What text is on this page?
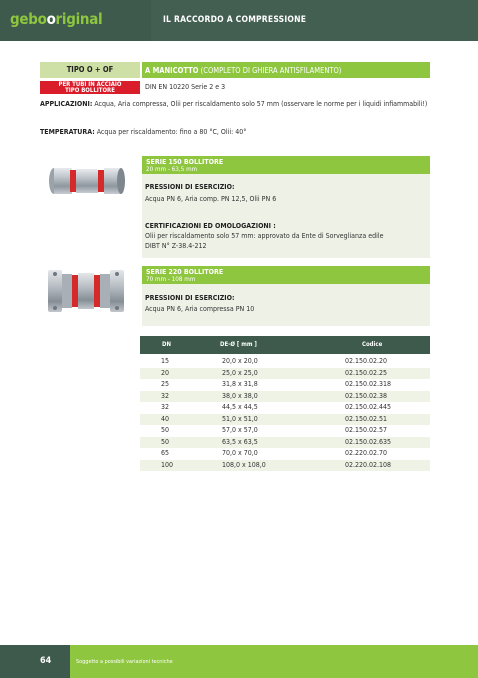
gebooriginal	IL RACCORDO A COMPRESSIONE
TIPO O + OF	A MANICOTTO (COMPLETO DI GHIERA ANTISFILAMENTO)
PER TUBI IN ACCIAIO
TIPO BOLLITORE	DIN EN 10220 Serie 2 e 3
APPLICAZIONI: Acqua, Aria compressa, Olii per riscaldamento solo 57 mm (osservare le norme per i liquidi infiammabili!)
TEMPERATURA: Acqua per riscaldamento: fino a 80 °C, Olii: 40°
SERIE 150 BOLLITORE
20 mm - 63,5 mm
PRESSIONI DI ESERCIZIO:
Acqua PN 6, Aria comp. PN 12,5, Olii PN 6
CERTIFICAZIONI ED OMOLOGAZIONI :
Olii per riscaldamento solo 57 mm: approvato da Ente di Sorveglianza edile
DIBT N° Z-38.4-212
SERIE 220 BOLLITORE
70 mm - 108 mm
PRESSIONI DI ESERCIZIO:
Acqua PN 6, Aria compressa PN 10
DN	DE-Ø [ mm ]	Codice
15	20,0 x 20,0	02.150.02.20
20	25,0 x 25,0	02.150.02.25
25	31,8 x 31,8	02.150.02.318
32	38,0 x 38,0	02.150.02.38
32	44,5 x 44,5	02.150.02.445
40	51,0 x 51,0	02.150.02.51
50	57,0 x 57,0	02.150.02.57
50	63,5 x 63,5	02.150.02.635
65	70,0 x 70,0	02.220.02.70
100	108,0 x 108,0	02.220.02.108
64	Soggetto a possibili variazioni tecniche
